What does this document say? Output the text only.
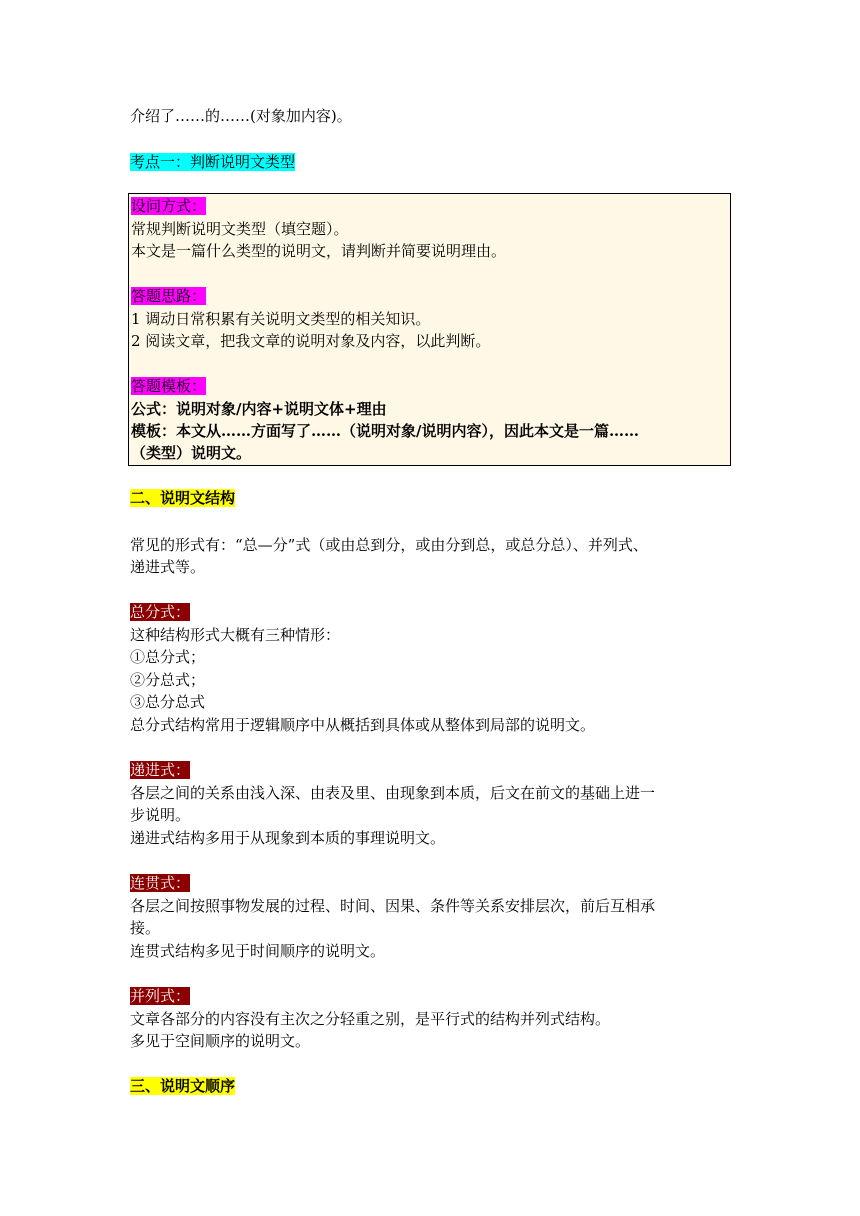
介绍了……的……(对象加内容)。
考点一：判断说明文类型
设问方式：
常规判断说明文类型（填空题）。
本文是一篇什么类型的说明文，请判断并简要说明理由。
答题思路：
1 调动日常积累有关说明文类型的相关知识。
2 阅读文章，把我文章的说明对象及内容，以此判断。
答题模板：
公式：说明对象/内容+说明文体+理由
模板：本文从……方面写了……（说明对象/说明内容），因此本文是一篇……
（类型）说明文。
二、说明文结构
常见的形式有：“总—分”式（或由总到分，或由分到总，或总分总）、并列式、
递进式等。
总分式：
这种结构形式大概有三种情形：
①总分式；
②分总式；
③总分总式
总分式结构常用于逻辑顺序中从概括到具体或从整体到局部的说明文。
递进式：
各层之间的关系由浅入深、由表及里、由现象到本质，后文在前文的基础上进一
步说明。
递进式结构多用于从现象到本质的事理说明文。
连贯式：
各层之间按照事物发展的过程、时间、因果、条件等关系安排层次，前后互相承
接。
连贯式结构多见于时间顺序的说明文。
并列式：
文章各部分的内容没有主次之分轻重之别，是平行式的结构并列式结构。
多见于空间顺序的说明文。
三、说明文顺序
